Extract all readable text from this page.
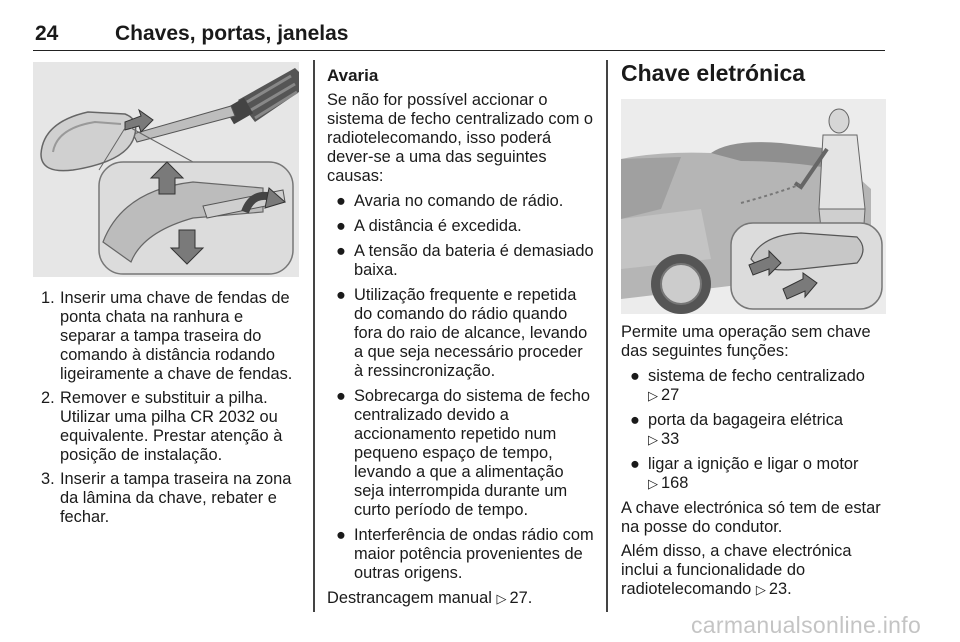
24	Chaves, portas, janelas
1. Inserir uma chave de fendas de ponta chata na ranhura e separar a tampa traseira do comando à distância rodando ligeiramente a chave de fendas.
2. Remover e substituir a pilha. Utilizar uma pilha CR 2032 ou equivalente. Prestar atenção à posição de instalação.
3. Inserir a tampa traseira na zona da lâmina da chave, rebater e fechar.
Avaria

Se não for possível accionar o sistema de fecho centralizado com o radiotelecomando, isso poderá dever-se a uma das seguintes causas:

● Avaria no comando de rádio.
● A distância é excedida.
● A tensão da bateria é demasiado baixa.
● Utilização frequente e repetida do comando do rádio quando fora do raio de alcance, levando a que seja necessário proceder à ressincronização.
● Sobrecarga do sistema de fecho centralizado devido a accionamento repetido num pequeno espaço de tempo, levando a que a alimentação seja interrompida durante um curto período de tempo.
● Interferência de ondas rádio com maior potência provenientes de outras origens.

Destrancagem manual ▷ 27.

Chave eletrónica

Permite uma operação sem chave das seguintes funções:

● sistema de fecho centralizado
▷ 27
● porta da bagageira elétrica
▷ 33
● ligar a ignição e ligar o motor
▷ 168

A chave electrónica só tem de estar na posse do condutor.

Além disso, a chave electrónica inclui a funcionalidade do radiotelecomando ▷ 23.

carmanualsonline.info
